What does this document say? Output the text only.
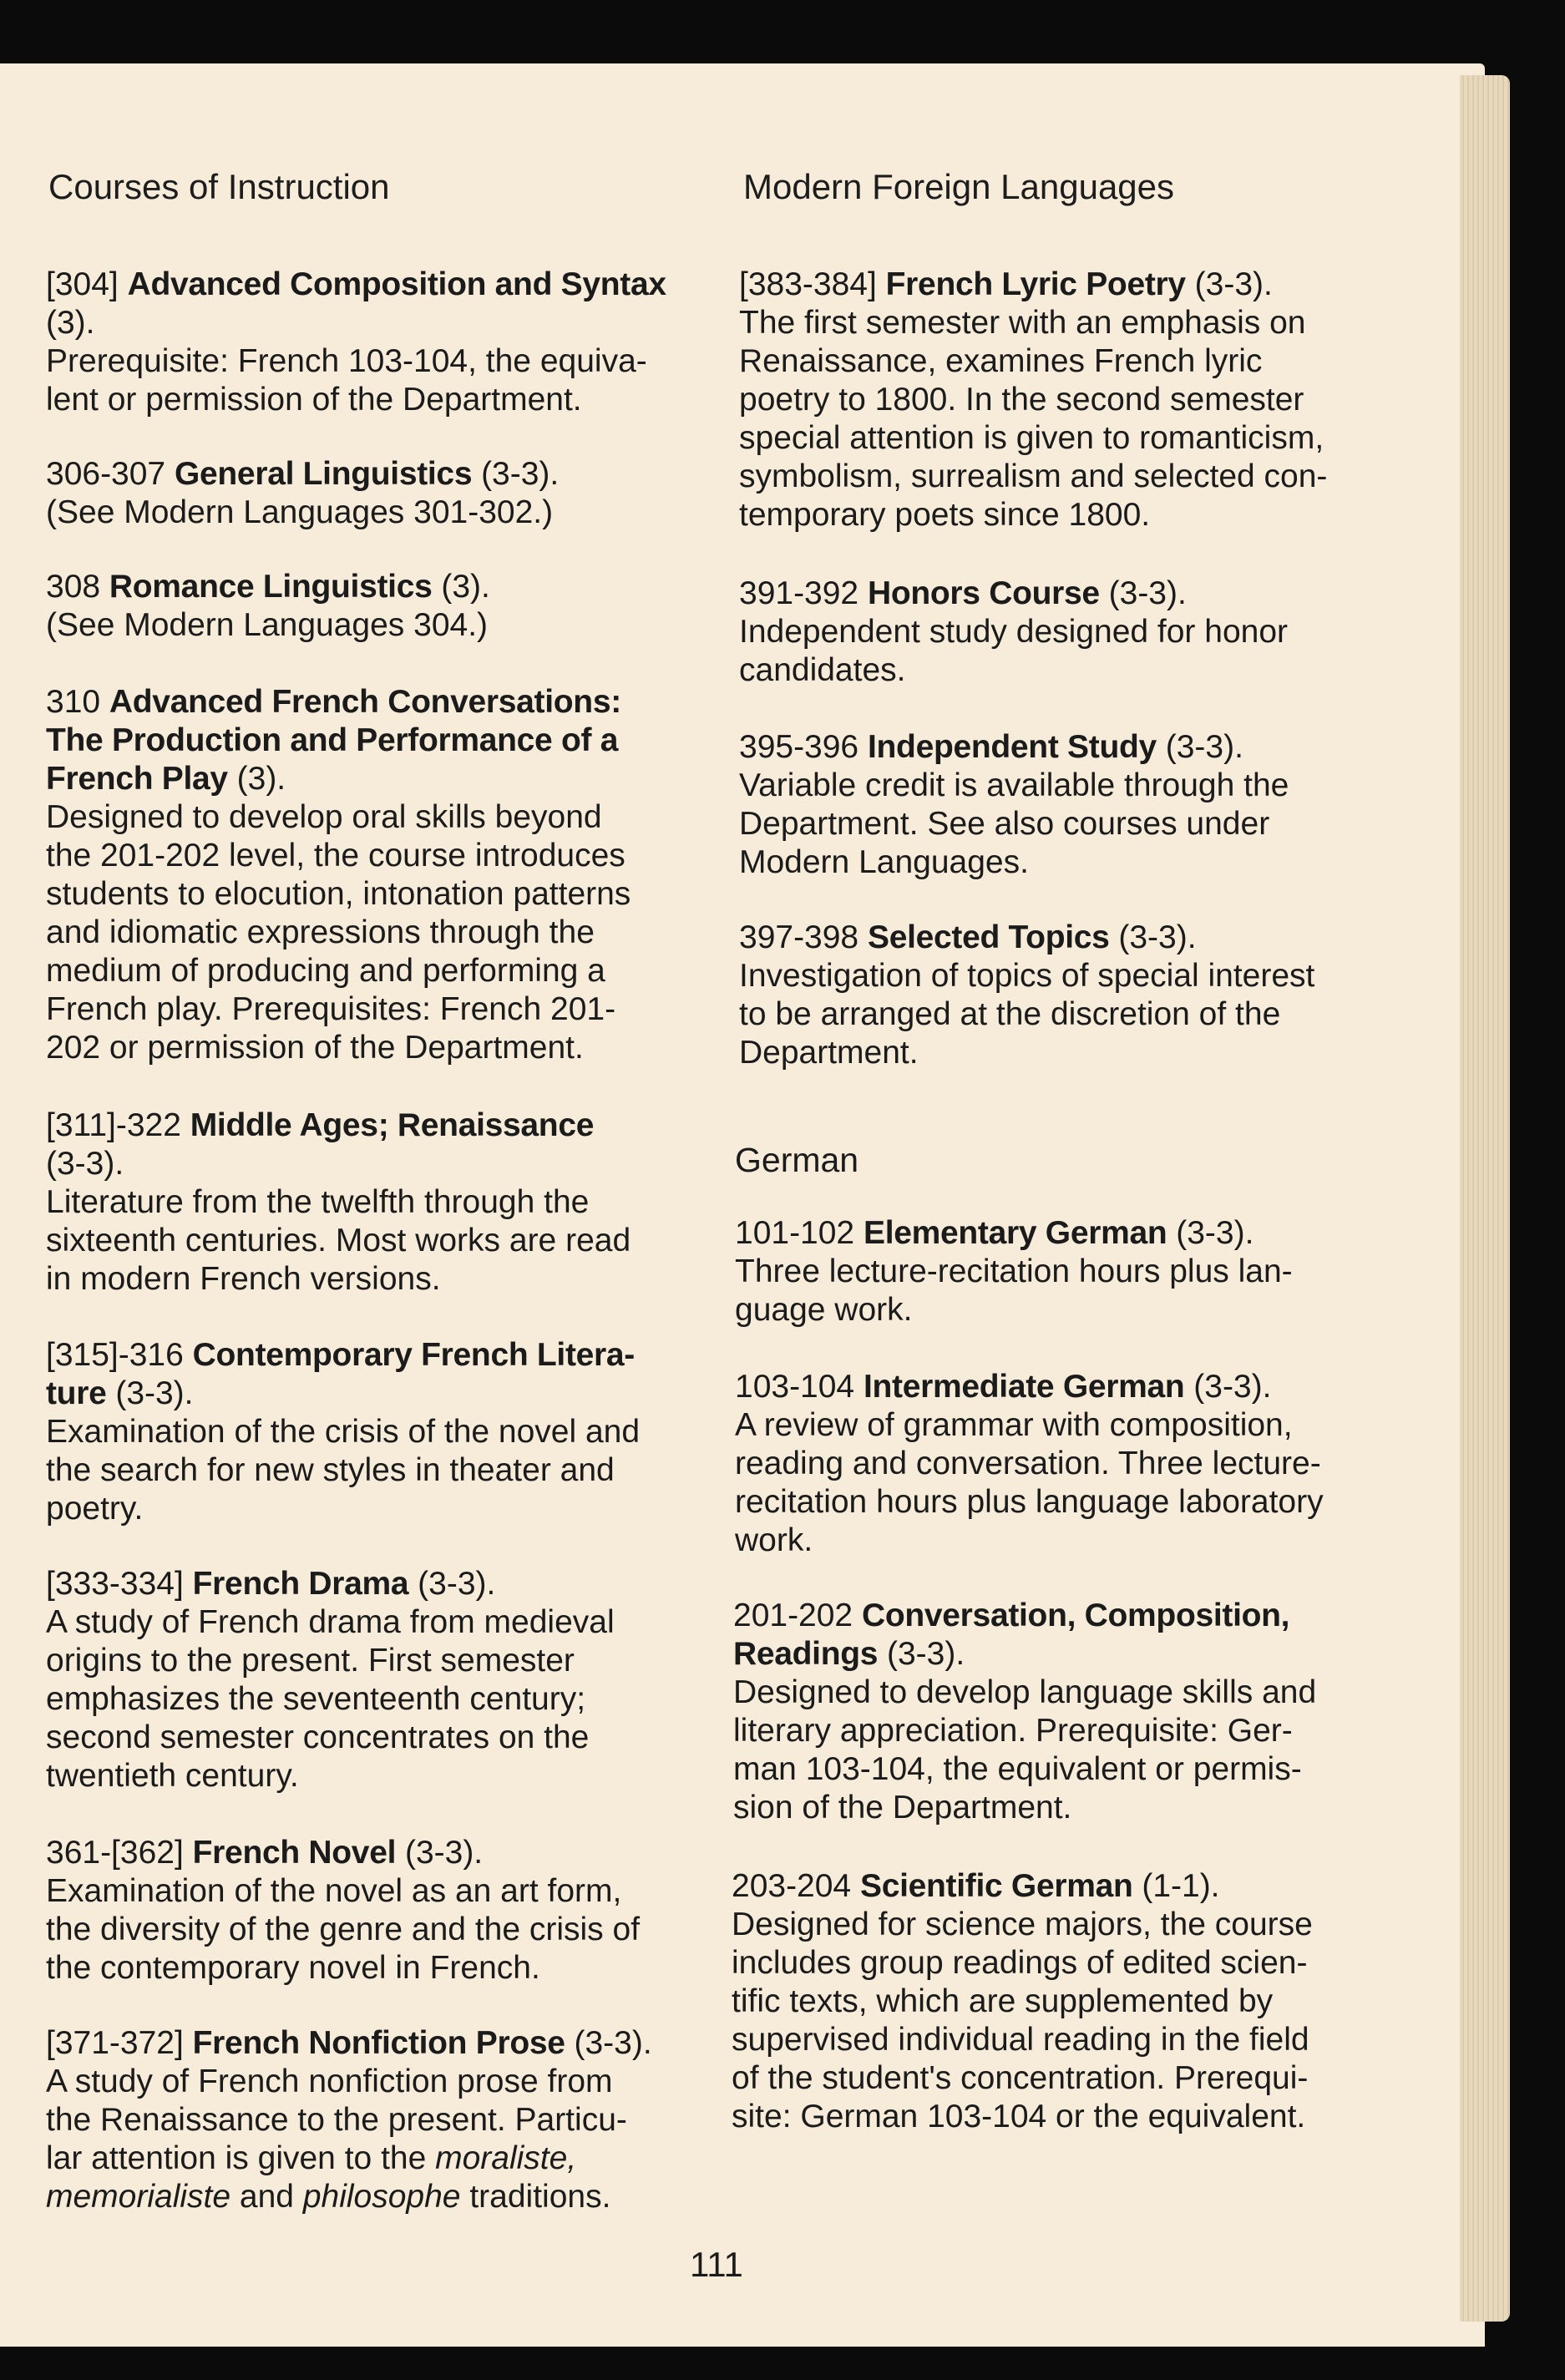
Courses of Instruction	Modern Foreign Languages

[304] Advanced Composition and Syntax

(3).

Prerequisite: French 103-104, the equiva-

lent or permission of the Department.

306-307 General Linguistics (3-3).

(See Modern Languages 301-302.)

308 Romance Linguistics (3).

(See Modern Languages 304.)

310 Advanced French Conversations:

The Production and Performance of a

French Play (3).

Designed to develop oral skills beyond

the 201-202 level, the course introduces

students to elocution, intonation patterns

and idiomatic expressions through the

medium of producing and performing a

French play. Prerequisites: French 201-

202 or permission of the Department.

[311]-322 Middle Ages; Renaissance

(3-3).

Literature from the twelfth through the

sixteenth centuries. Most works are read

in modern French versions.

[315]-316 Contemporary French Litera-

ture (3-3).

Examination of the crisis of the novel and

the search for new styles in theater and

poetry.

[333-334] French Drama (3-3).

A study of French drama from medieval

origins to the present. First semester

emphasizes the seventeenth century;

second semester concentrates on the

twentieth century.

361-[362] French Novel (3-3).

Examination of the novel as an art form,

the diversity of the genre and the crisis of

the contemporary novel in French.

[371-372] French Nonfiction Prose (3-3).

A study of French nonfiction prose from

the Renaissance to the present. Particu-

lar attention is given to the moraliste,

memorialiste and philosophe traditions.

[383-384] French Lyric Poetry (3-3).

The first semester with an emphasis on

Renaissance, examines French lyric

poetry to 1800. In the second semester

special attention is given to romanticism,

symbolism, surrealism and selected con-

temporary poets since 1800.

391-392 Honors Course (3-3).

Independent study designed for honor

candidates.

395-396 Independent Study (3-3).

Variable credit is available through the

Department. See also courses under

Modern Languages.

397-398 Selected Topics (3-3).

Investigation of topics of special interest

to be arranged at the discretion of the

Department.

German

101-102 Elementary German (3-3).

Three lecture-recitation hours plus lan-

guage work.

103-104 Intermediate German (3-3).

A review of grammar with composition,

reading and conversation. Three lecture-

recitation hours plus language laboratory

work.

201-202 Conversation, Composition,

Readings (3-3).

Designed to develop language skills and

literary appreciation. Prerequisite: Ger-

man 103-104, the equivalent or permis-

sion of the Department.

203-204 Scientific German (1-1).

Designed for science majors, the course

includes group readings of edited scien-

tific texts, which are supplemented by

supervised individual reading in the field

of the student's concentration. Prerequi-

site: German 103-104 or the equivalent.

111
